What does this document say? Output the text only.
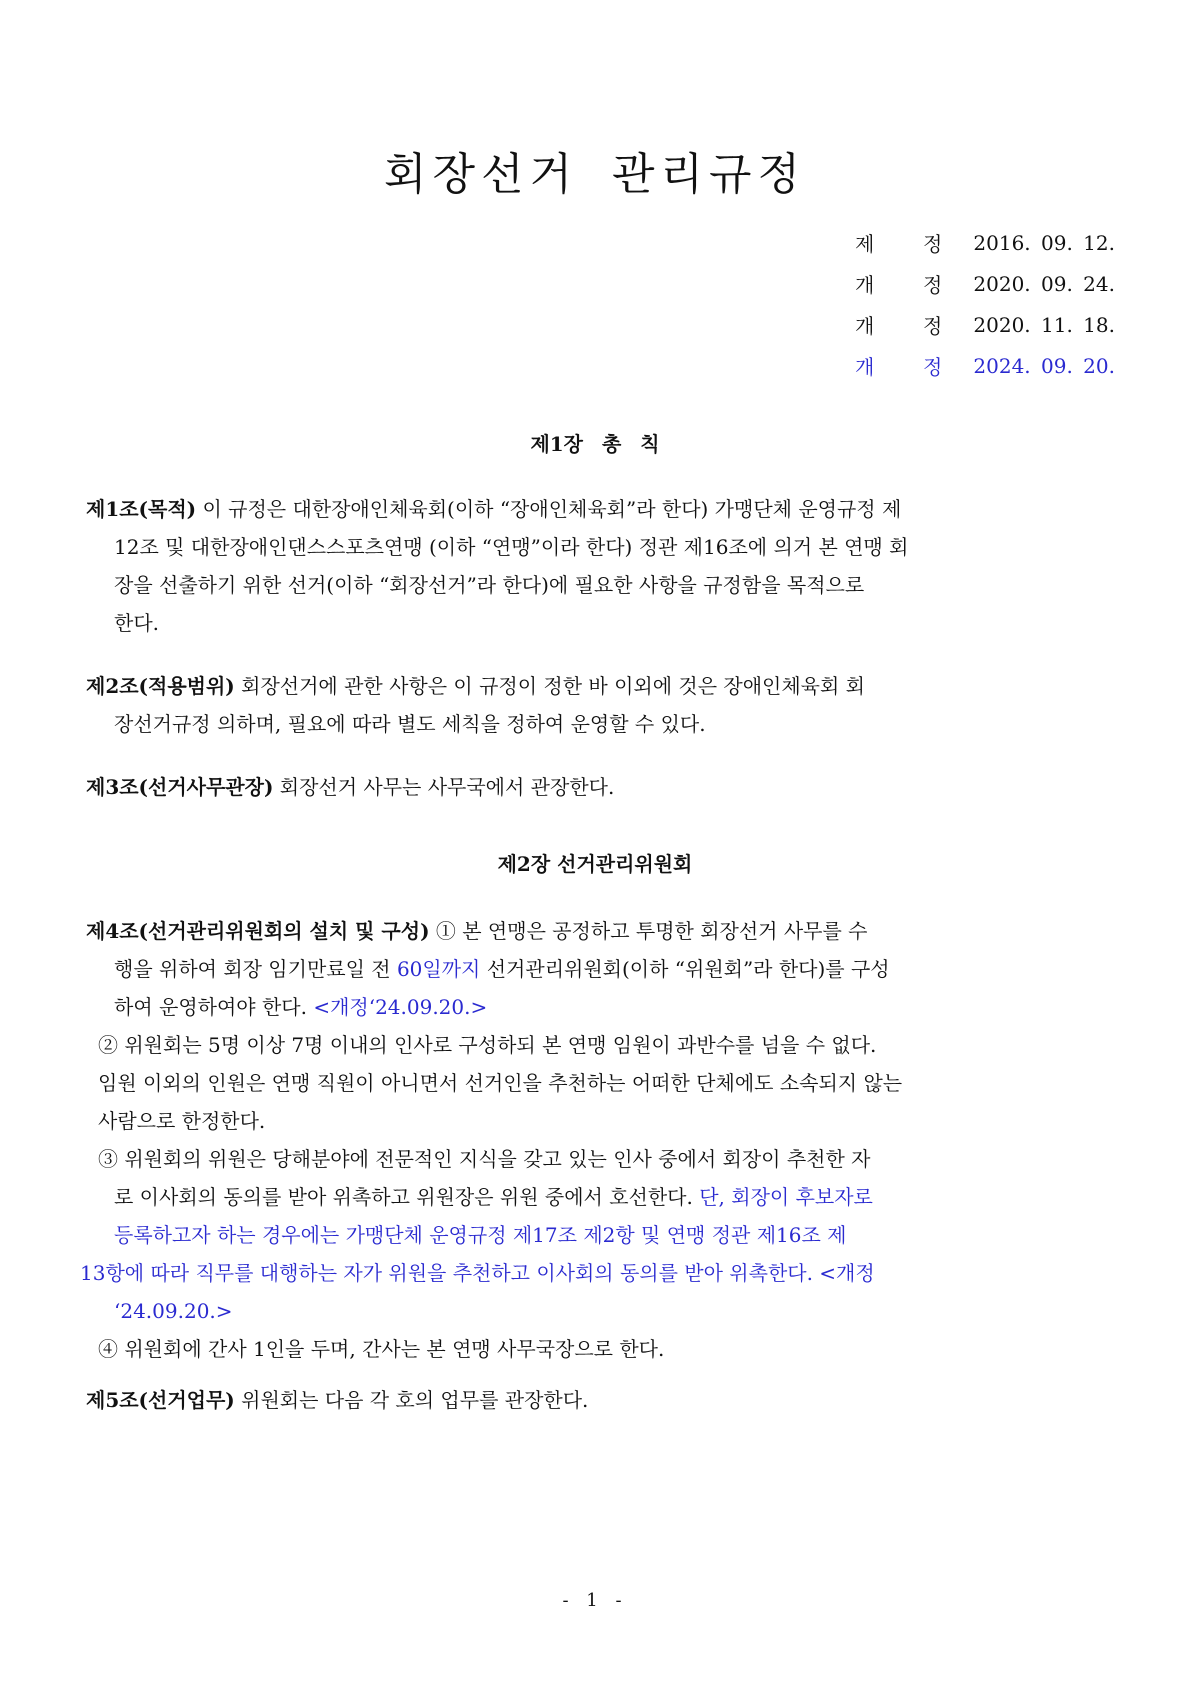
회장선거 관리규정
제	정	2016. 09. 12.
개	정	2020. 09. 24.
개	정	2020. 11. 18.
개	정	2024. 09. 20.
제1장 총 칙
제1조(목적) 이 규정은 대한장애인체육회(이하 “장애인체육회”라 한다) 가맹단체 운영규정 제
12조 및 대한장애인댄스스포츠연맹 (이하 “연맹”이라 한다) 정관 제16조에 의거 본 연맹 회
장을 선출하기 위한 선거(이하 “회장선거”라 한다)에 필요한 사항을 규정함을 목적으로
한다.
제2조(적용범위) 회장선거에 관한 사항은 이 규정이 정한 바 이외에 것은 장애인체육회 회
장선거규정 의하며, 필요에 따라 별도 세칙을 정하여 운영할 수 있다.
제3조(선거사무관장) 회장선거 사무는 사무국에서 관장한다.
제2장 선거관리위원회
제4조(선거관리위원회의 설치 및 구성) ① 본 연맹은 공정하고 투명한 회장선거 사무를 수
행을 위하여 회장 임기만료일 전 60일까지 선거관리위원회(이하 “위원회”라 한다)를 구성
하여 운영하여야 한다. <개정‘24.09.20.>
② 위원회는 5명 이상 7명 이내의 인사로 구성하되 본 연맹 임원이 과반수를 넘을 수 없다.
임원 이외의 인원은 연맹 직원이 아니면서 선거인을 추천하는 어떠한 단체에도 소속되지 않는
사람으로 한정한다.
③ 위원회의 위원은 당해분야에 전문적인 지식을 갖고 있는 인사 중에서 회장이 추천한 자
로 이사회의 동의를 받아 위촉하고 위원장은 위원 중에서 호선한다. 단, 회장이 후보자로
등록하고자 하는 경우에는 가맹단체 운영규정 제17조 제2항 및 연맹 정관 제16조 제
13항에 따라 직무를 대행하는 자가 위원을 추천하고 이사회의 동의를 받아 위촉한다. <개정
‘24.09.20.>
④ 위원회에 간사 1인을 두며, 간사는 본 연맹 사무국장으로 한다.
제5조(선거업무) 위원회는 다음 각 호의 업무를 관장한다.
- 1 -
